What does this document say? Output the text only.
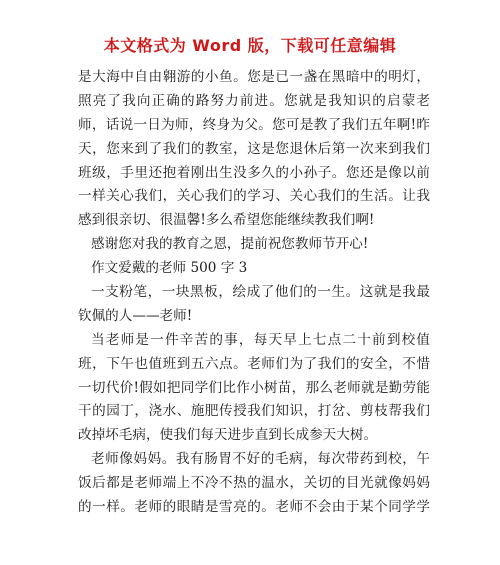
本文格式为 Word 版，下载可任意编辑
是大海中自由翱游的小鱼。您是已一盏在黑暗中的明灯，
照亮了我向正确的路努力前进。您就是我知识的启蒙老
师，话说一日为师，终身为父。您可是教了我们五年啊!昨
天，您来到了我们的教室，这是您退休后第一次来到我们
班级，手里还抱着刚出生没多久的小孙子。您还是像以前
一样关心我们，关心我们的学习、关心我们的生活。让我
感到很亲切、很温馨!多么希望您能继续教我们啊!
感谢您对我的教育之恩，提前祝您教师节开心!
作文爱戴的老师 500 字 3
一支粉笔，一块黑板，绘成了他们的一生。这就是我最
钦佩的人——老师!
当老师是一件辛苦的事，每天早上七点二十前到校值
班，下午也值班到五六点。老师们为了我们的安全，不惜
一切代价!假如把同学们比作小树苗，那么老师就是勤劳能
干的园丁，浇水、施肥传授我们知识，打岔、剪枝帮我们
改掉坏毛病，使我们每天进步直到长成参天大树。
老师像妈妈。我有肠胃不好的毛病，每次带药到校，午
饭后都是老师端上不冷不热的温水，关切的目光就像妈妈
的一样。老师的眼睛是雪亮的。老师不会由于某个同学学
